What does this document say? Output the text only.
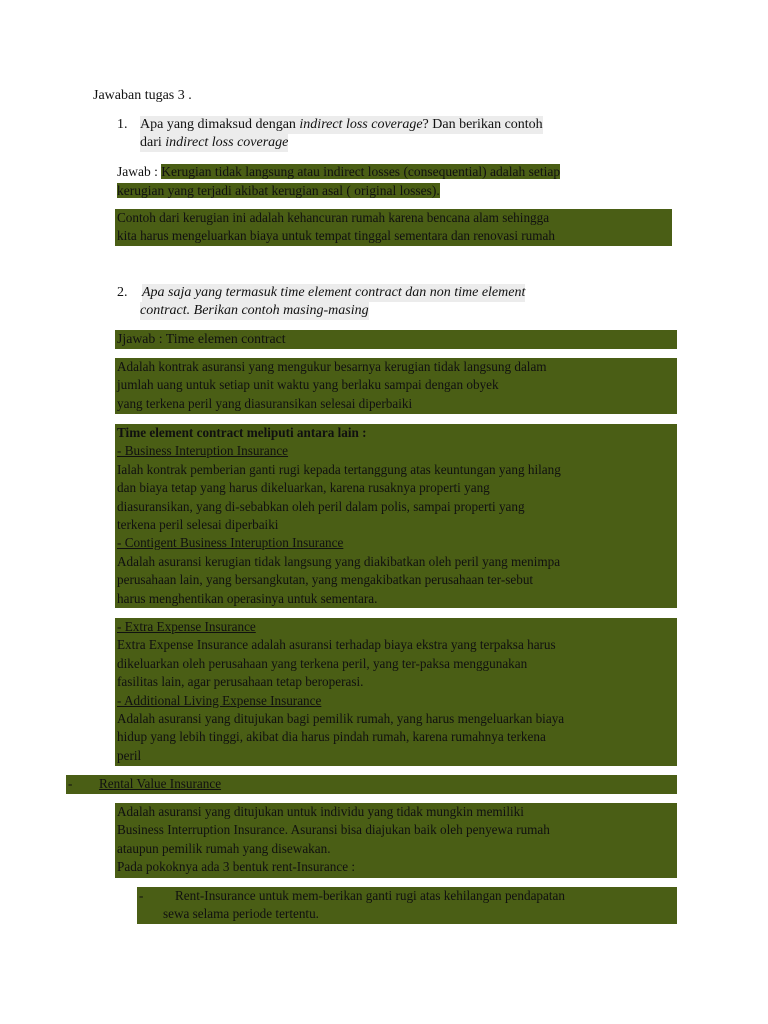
Jawaban tugas 3 .
1. Apa yang dimaksud dengan indirect loss coverage? Dan berikan contoh
dari indirect loss coverage
Jawab : Kerugian tidak langsung atau indirect losses (consequential) adalah setiap
kerugian yang terjadi akibat kerugian asal ( original losses).

Contoh dari kerugian ini adalah kehancuran rumah karena bencana alam sehingga

kita harus mengeluarkan biaya untuk tempat tinggal sementara dan renovasi rumah

2. Apa saja yang termasuk time element contract dan non time element
contract. Berikan contoh masing-masing

Jjawab : Time elemen contract

Adalah kontrak asuransi yang mengukur besarnya kerugian tidak langsung dalam

jumlah uang untuk setiap unit waktu yang berlaku sampai dengan obyek

yang terkena peril yang diasuransikan selesai diperbaiki

Time element contract meliputi antara lain :

- Business Interuption Insurance

Ialah kontrak pemberian ganti rugi kepada tertanggung atas keuntungan yang hilang

dan biaya tetap yang harus dikeluarkan, karena rusaknya properti yang

diasuransikan, yang di-sebabkan oleh peril dalam polis, sampai properti yang

terkena peril selesai diperbaiki

- Contigent Business Interuption Insurance

Adalah asuransi kerugian tidak langsung yang diakibatkan oleh peril yang menimpa

perusahaan lain, yang bersangkutan, yang mengakibatkan perusahaan ter-sebut

harus menghentikan operasinya untuk sementara.

- Extra Expense Insurance

Extra Expense Insurance adalah asuransi terhadap biaya ekstra yang terpaksa harus

dikeluarkan oleh perusahaan yang terkena peril, yang ter-paksa menggunakan

fasilitas lain, agar perusahaan tetap beroperasi.

- Additional Living Expense Insurance

Adalah asuransi yang ditujukan bagi pemilik rumah, yang harus mengeluarkan biaya

hidup yang lebih tinggi, akibat dia harus pindah rumah, karena rumahnya terkena

peril

- Rental Value Insurance

Adalah asuransi yang ditujukan untuk individu yang tidak mungkin memiliki

Business Interruption Insurance. Asuransi bisa diajukan baik oleh penyewa rumah

ataupun pemilik rumah yang disewakan.

Pada pokoknya ada 3 bentuk rent-Insurance :

- Rent-Insurance untuk mem-berikan ganti rugi atas kehilangan pendapatan

sewa selama periode tertentu.
